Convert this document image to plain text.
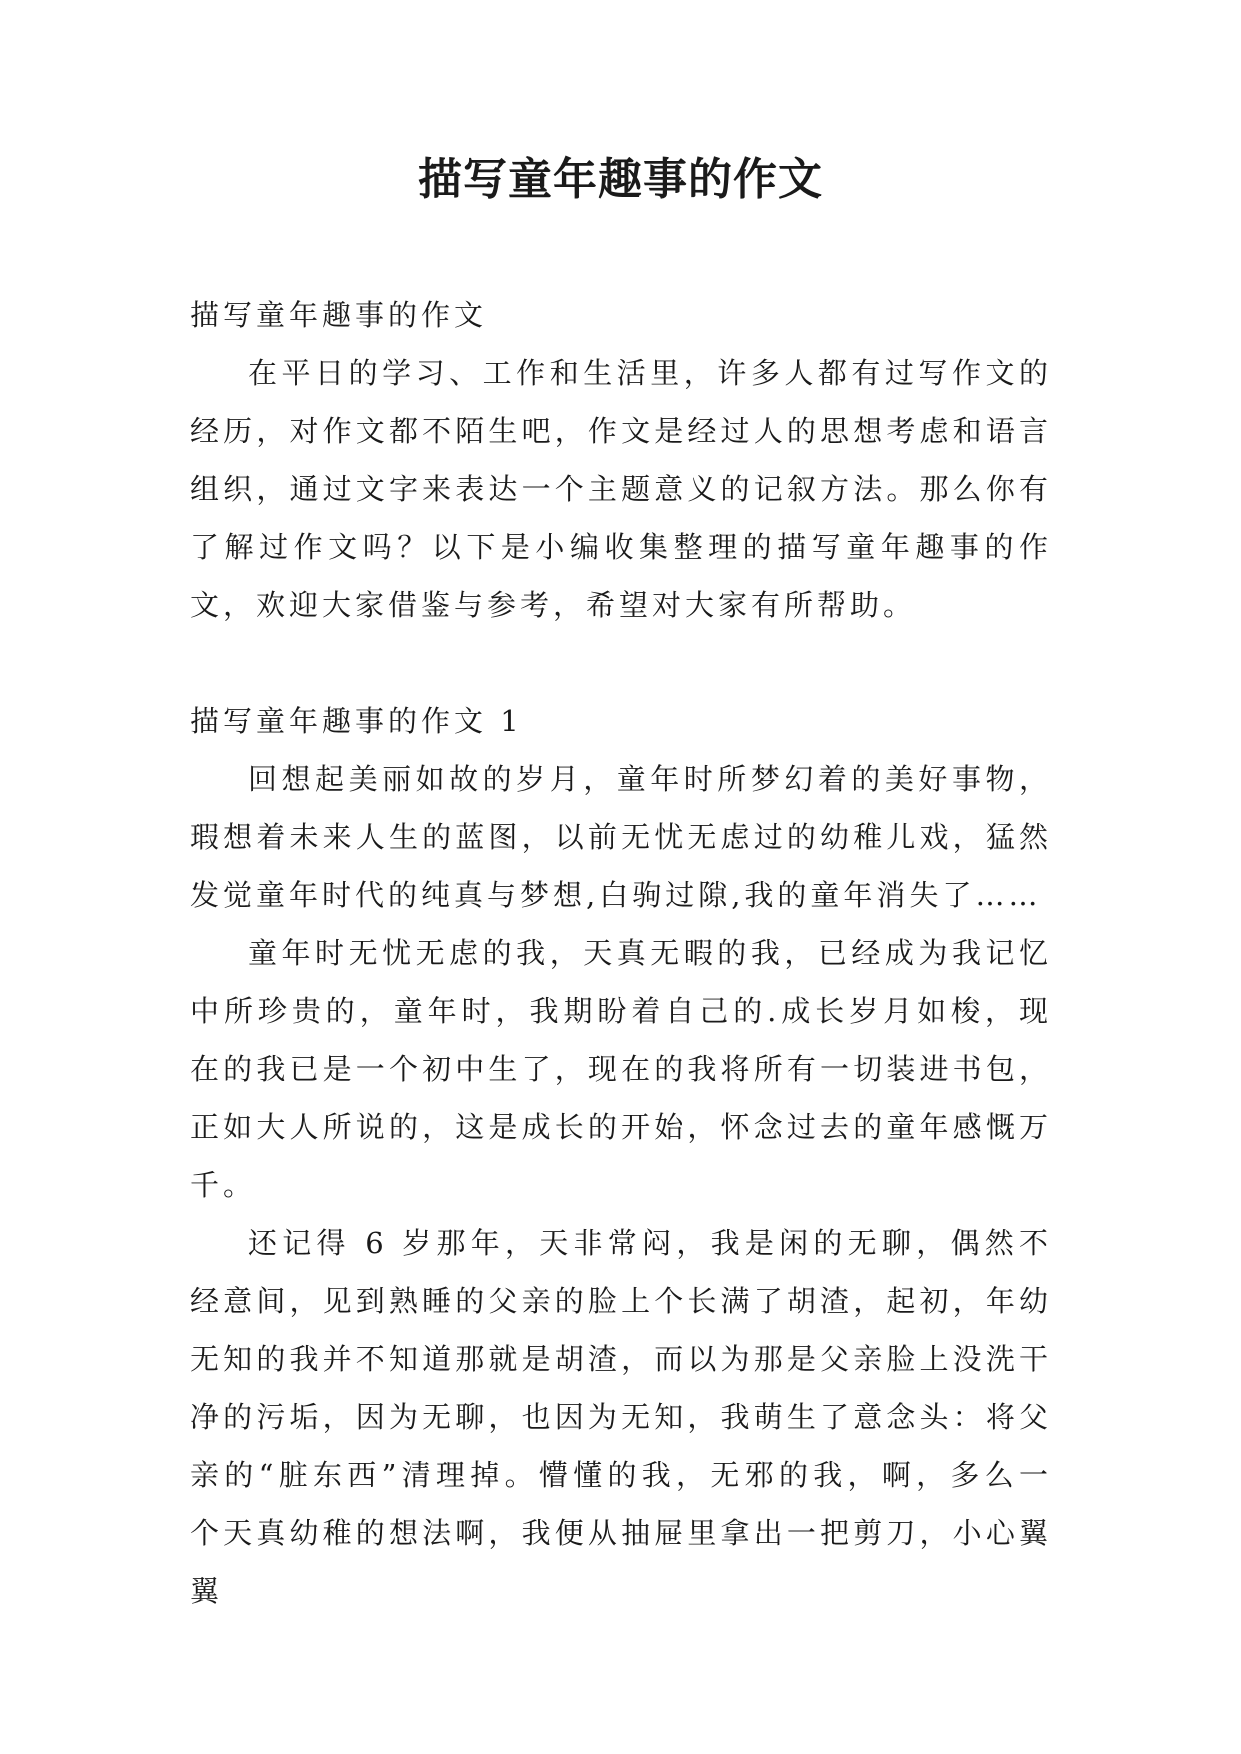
描写童年趣事的作文

描写童年趣事的作文

在平日的学习、工作和生活里，许多人都有过写作文的经历，对作文都不陌生吧，作文是经过人的思想考虑和语言组织，通过文字来表达一个主题意义的记叙方法。那么你有了解过作文吗？以下是小编收集整理的描写童年趣事的作文，欢迎大家借鉴与参考，希望对大家有所帮助。

描写童年趣事的作文 1

回想起美丽如故的岁月，童年时所梦幻着的美好事物，瑕想着未来人生的蓝图，以前无忧无虑过的幼稚儿戏，猛然发觉童年时代的纯真与梦想,白驹过隙,我的童年消失了……

童年时无忧无虑的我，天真无暇的我，已经成为我记忆中所珍贵的，童年时，我期盼着自己的.成长岁月如梭，现在的我已是一个初中生了，现在的我将所有一切装进书包，正如大人所说的，这是成长的开始，怀念过去的童年感慨万千。

还记得 6 岁那年，天非常闷，我是闲的无聊，偶然不经意间，见到熟睡的父亲的脸上个长满了胡渣，起初，年幼无知的我并不知道那就是胡渣，而以为那是父亲脸上没洗干净的污垢，因为无聊，也因为无知，我萌生了意念头：将父亲的“脏东西”清理掉。懵懂的我，无邪的我，啊，多么一个天真幼稚的想法啊，我便从抽屉里拿出一把剪刀，小心翼翼
